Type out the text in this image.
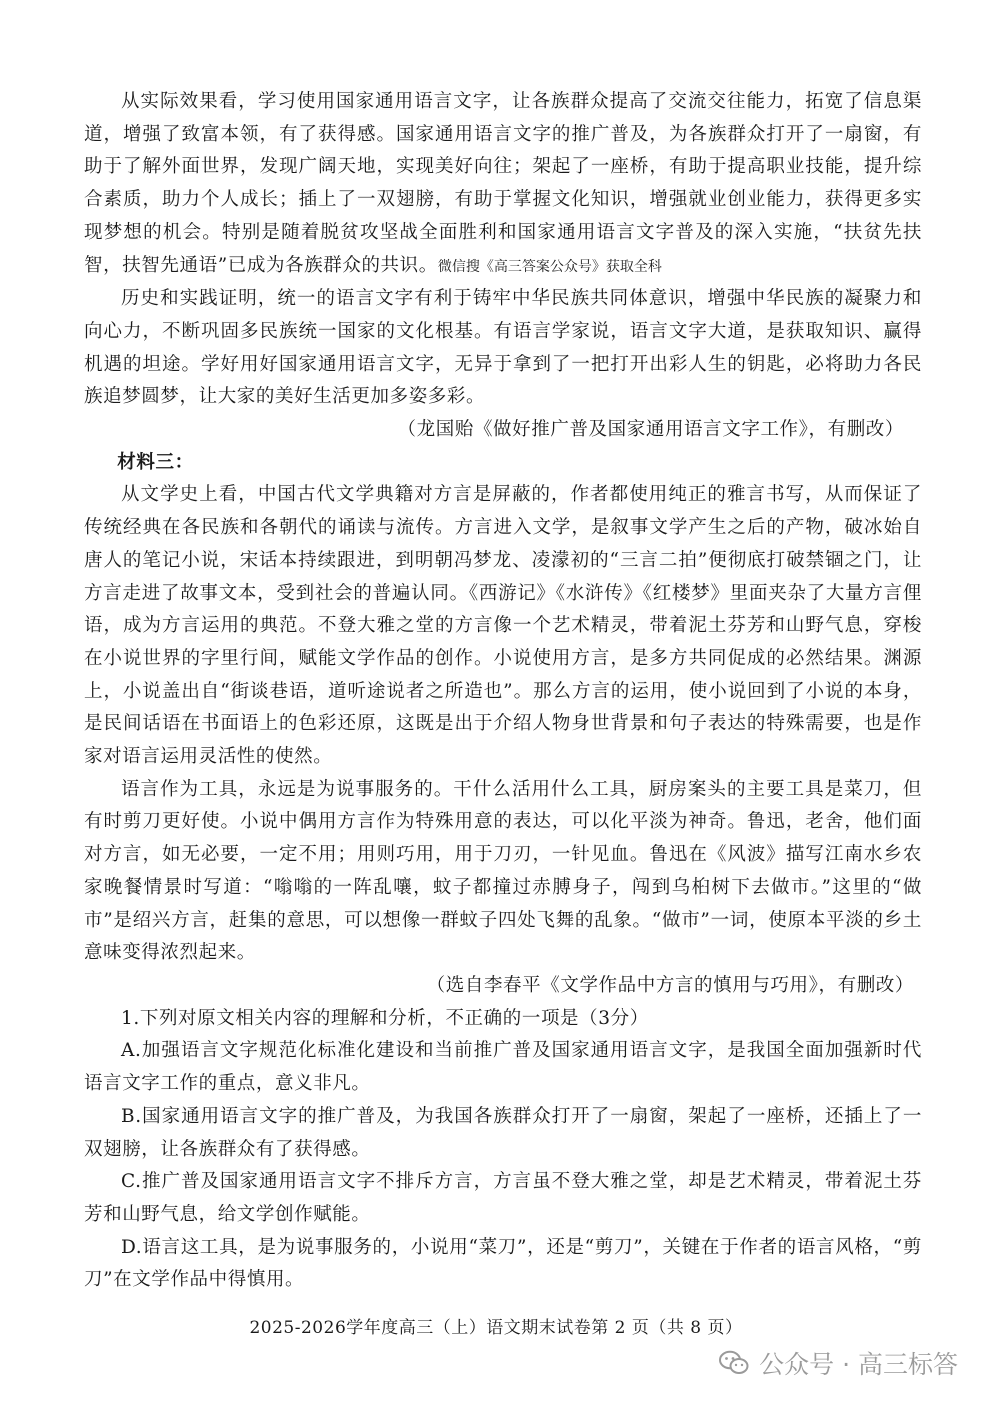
从实际效果看，学习使用国家通用语言文字，让各族群众提高了交流交往能力，拓宽了信息渠道，增强了致富本领，有了获得感。国家通用语言文字的推广普及，为各族群众打开了一扇窗，有助于了解外面世界，发现广阔天地，实现美好向往；架起了一座桥，有助于提高职业技能，提升综合素质，助力个人成长；插上了一双翅膀，有助于掌握文化知识，增强就业创业能力，获得更多实现梦想的机会。特别是随着脱贫攻坚战全面胜利和国家通用语言文字普及的深入实施，“扶贫先扶智，扶智先通语”已成为各族群众的共识。微信搜《高三答案公众号》获取全科

历史和实践证明，统一的语言文字有利于铸牢中华民族共同体意识，增强中华民族的凝聚力和向心力，不断巩固多民族统一国家的文化根基。有语言学家说，语言文字大道，是获取知识、赢得机遇的坦途。学好用好国家通用语言文字，无异于拿到了一把打开出彩人生的钥匙，必将助力各民族追梦圆梦，让大家的美好生活更加多姿多彩。

（龙国贻《做好推广普及国家通用语言文字工作》，有删改）

材料三：

从文学史上看，中国古代文学典籍对方言是屏蔽的，作者都使用纯正的雅言书写，从而保证了传统经典在各民族和各朝代的诵读与流传。方言进入文学，是叙事文学产生之后的产物，破冰始自唐人的笔记小说，宋话本持续跟进，到明朝冯梦龙、凌濛初的“三言二拍”便彻底打破禁锢之门，让方言走进了故事文本，受到社会的普遍认同。《西游记》《水浒传》《红楼梦》里面夹杂了大量方言俚语，成为方言运用的典范。不登大雅之堂的方言像一个艺术精灵，带着泥土芬芳和山野气息，穿梭在小说世界的字里行间，赋能文学作品的创作。小说使用方言，是多方共同促成的必然结果。渊源上，小说盖出自“街谈巷语，道听途说者之所造也”。那么方言的运用，使小说回到了小说的本身，是民间话语在书面语上的色彩还原，这既是出于介绍人物身世背景和句子表达的特殊需要，也是作家对语言运用灵活性的使然。

语言作为工具，永远是为说事服务的。干什么活用什么工具，厨房案头的主要工具是菜刀，但有时剪刀更好使。小说中偶用方言作为特殊用意的表达，可以化平淡为神奇。鲁迅，老舍，他们面对方言，如无必要，一定不用；用则巧用，用于刀刃，一针见血。鲁迅在《风波》描写江南水乡农家晚餐情景时写道：“嗡嗡的一阵乱嚷，蚊子都撞过赤膊身子，闯到乌桕树下去做市。”这里的“做市”是绍兴方言，赶集的意思，可以想像一群蚊子四处飞舞的乱象。“做市”一词，使原本平淡的乡土意味变得浓烈起来。

（选自李春平《文学作品中方言的慎用与巧用》，有删改）

1.下列对原文相关内容的理解和分析，不正确的一项是（3分）

A.加强语言文字规范化标准化建设和当前推广普及国家通用语言文字，是我国全面加强新时代语言文字工作的重点，意义非凡。

B.国家通用语言文字的推广普及，为我国各族群众打开了一扇窗，架起了一座桥，还插上了一双翅膀，让各族群众有了获得感。

C.推广普及国家通用语言文字不排斥方言，方言虽不登大雅之堂，却是艺术精灵，带着泥土芬芳和山野气息，给文学创作赋能。

D.语言这工具，是为说事服务的，小说用“菜刀”，还是“剪刀”，关键在于作者的语言风格，“剪刀”在文学作品中得慎用。

2025-2026学年度高三（上）语文期末试卷第 2 页（共 8 页）
公众号 · 高三标答
